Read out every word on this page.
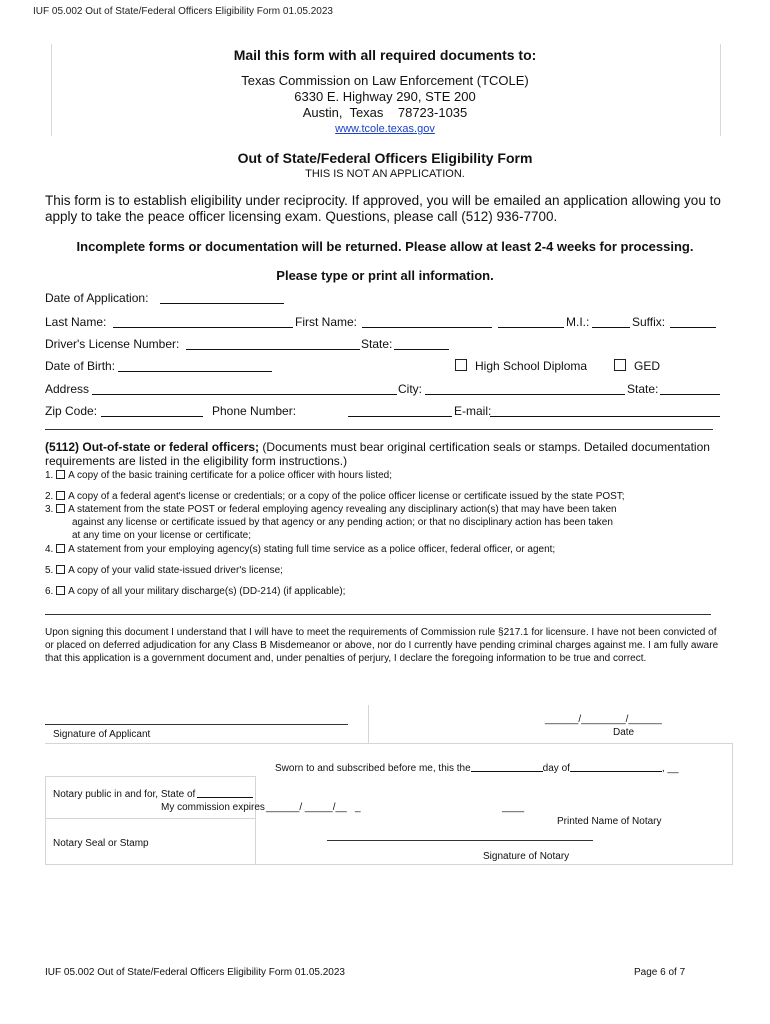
IUF 05.002 Out of State/Federal Officers Eligibility Form 01.05.2023
Mail this form with all required documents to:
Texas Commission on Law Enforcement (TCOLE)
6330 E. Highway 290, STE 200
Austin,  Texas    78723-1035
www.tcole.texas.gov
Out of State/Federal Officers Eligibility Form
THIS IS NOT AN APPLICATION.
This form is to establish eligibility under reciprocity. If approved, you will be emailed an application allowing you to apply to take the peace officer licensing exam. Questions, please call (512) 936-7700.
Incomplete forms or documentation will be returned. Please allow at least 2-4 weeks for processing.
Please type or print all information.
Date of Application:
Last Name:	First Name:	M.I.:	Suffix:
Driver's License Number:	State:
Date of Birth:	High School Diploma	GED
Address	City:	State:
Zip Code:	Phone Number:	E-mail:
(5112) Out-of-state or federal officers; (Documents must bear original certification seals or stamps. Detailed documentation requirements are listed in the eligibility form instructions.)
1. A copy of the basic training certificate for a police officer with hours listed;
2. A copy of a federal agent's license or credentials; or a copy of the police officer license or certificate issued by the state POST;
3. A statement from the state POST or federal employing agency revealing any disciplinary action(s) that may have been taken
against any license or certificate issued by that agency or any pending action; or that no disciplinary action has been taken
at any time on your license or certificate;
4. A statement from your employing agency(s) stating full time service as a police officer, federal officer, or agent;
5. A copy of your valid state-issued driver's license;
6. A copy of all your military discharge(s) (DD-214) (if applicable);
Upon signing this document I understand that I will have to meet the requirements of Commission rule §217.1 for licensure. I have not been convicted of or placed on deferred adjudication for any Class B Misdemeanor or above, nor do I currently have pending criminal charges against me. I am fully aware that this application is a government document and, under penalties of perjury, I declare the foregoing information to be true and correct.
Signature of Applicant
______/________/______
Date
Sworn to and subscribed before me, this the	day of	, __
Notary public in and for, State of
My commission expires ______/ _____/__   _	____
Printed Name of Notary
Notary Seal or Stamp
Signature of Notary
IUF 05.002 Out of State/Federal Officers Eligibility Form 01.05.2023	Page 6 of 7
